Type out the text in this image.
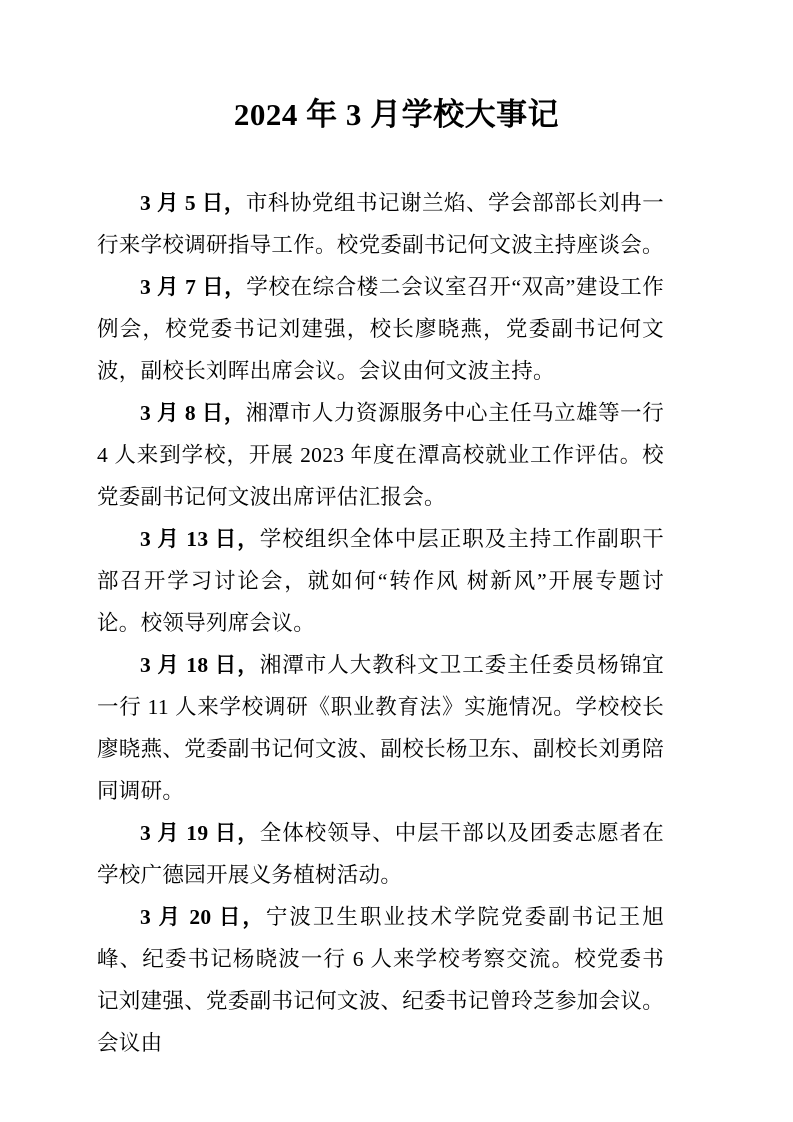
2024 年 3 月学校大事记

3 月 5 日，市科协党组书记谢兰焰、学会部部长刘冉一行来学校调研指导工作。校党委副书记何文波主持座谈会。

3 月 7 日，学校在综合楼二会议室召开“双高”建设工作例会，校党委书记刘建强，校长廖晓燕，党委副书记何文波，副校长刘晖出席会议。会议由何文波主持。

3 月 8 日，湘潭市人力资源服务中心主任马立雄等一行 4 人来到学校，开展 2023 年度在潭高校就业工作评估。校党委副书记何文波出席评估汇报会。

3 月 13 日，学校组织全体中层正职及主持工作副职干部召开学习讨论会，就如何“转作风 树新风”开展专题讨论。校领导列席会议。

3 月 18 日，湘潭市人大教科文卫工委主任委员杨锦宜一行 11 人来学校调研《职业教育法》实施情况。学校校长廖晓燕、党委副书记何文波、副校长杨卫东、副校长刘勇陪同调研。

3 月 19 日，全体校领导、中层干部以及团委志愿者在学校广德园开展义务植树活动。

3 月 20 日，宁波卫生职业技术学院党委副书记王旭峰、纪委书记杨晓波一行 6 人来学校考察交流。校党委书记刘建强、党委副书记何文波、纪委书记曾玲芝参加会议。会议由
